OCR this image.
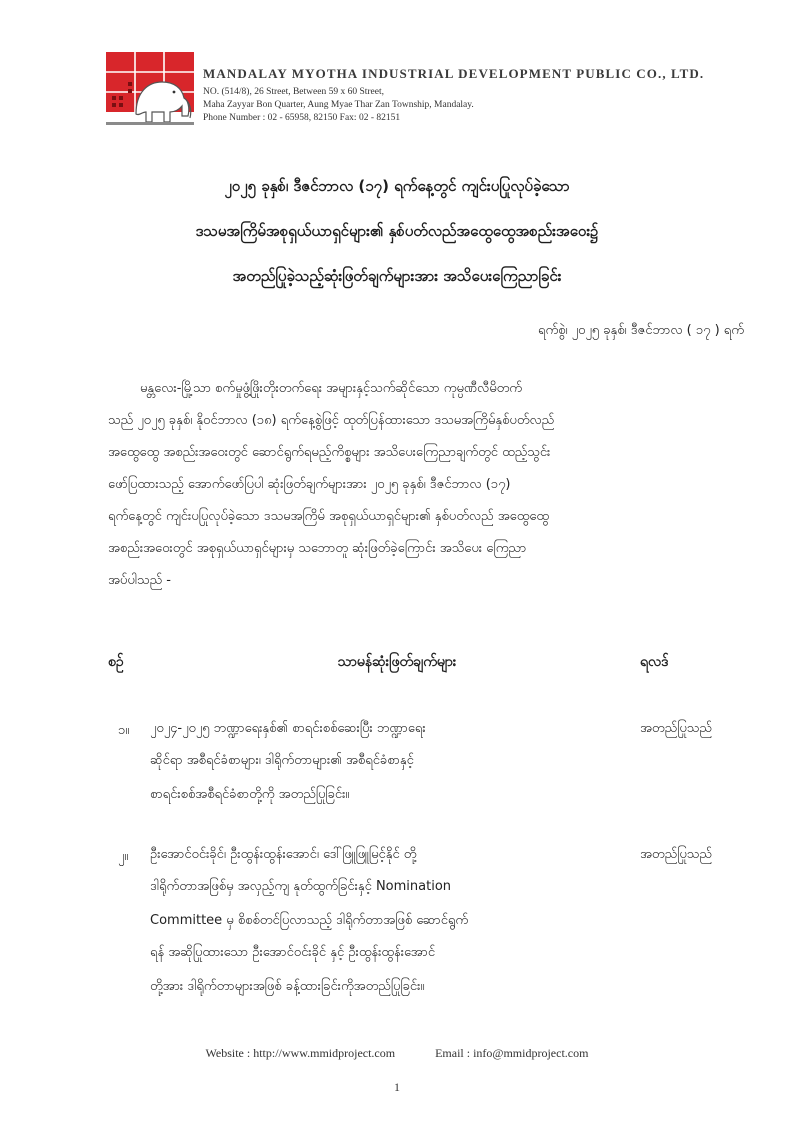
MANDALAY MYOTHA INDUSTRIAL DEVELOPMENT PUBLIC CO., LTD.
NO. (514/8), 26 Street, Between 59 x 60 Street,
Maha Zayyar Bon Quarter, Aung Myae Thar Zan Township, Mandalay.
Phone Number : 02 - 65958, 82150 Fax: 02 - 82151
၂၀၂၅ ခုနှစ်၊ ဒီဇင်ဘာလ (၁၇) ရက်နေ့တွင် ကျင်းပပြုလုပ်ခဲ့သော
ဒသမအကြိမ်အစုရှယ်ယာရှင်များ၏ နှစ်ပတ်လည်အထွေထွေအစည်းအဝေး၌
အတည်ပြုခဲ့သည့်ဆုံးဖြတ်ချက်များအား အသိပေးကြေညာခြင်း
ရက်စွဲ၊ ၂၀၂၅ ခုနှစ်၊ ဒီဇင်ဘာလ ( ၁၇ ) ရက်
မန္တလေး-မြို့သာ စက်မှုဖွံ့ဖြိုးတိုးတက်ရေး အများနှင့်သက်ဆိုင်သော ကုမ္ပဏီလီမိတက်
သည် ၂၀၂၅ ခုနှစ်၊ နိုဝင်ဘာလ (၁၈) ရက်နေ့စွဲဖြင့် ထုတ်ပြန်ထားသော ဒသမအကြိမ်နှစ်ပတ်လည်
အထွေထွေ အစည်းအဝေးတွင် ဆောင်ရွက်ရမည့်ကိစ္စများ အသိပေးကြေညာချက်တွင် ထည့်သွင်း
ဖော်ပြထားသည့် အောက်ဖော်ပြပါ ဆုံးဖြတ်ချက်များအား ၂၀၂၅ ခုနှစ်၊ ဒီဇင်ဘာလ (၁၇)
ရက်နေ့တွင် ကျင်းပပြုလုပ်ခဲ့သော ဒသမအကြိမ် အစုရှယ်ယာရှင်များ၏ နှစ်ပတ်လည် အထွေထွေ
အစည်းအဝေးတွင် အစုရှယ်ယာရှင်များမှ သဘောတူ ဆုံးဖြတ်ခဲ့ကြောင်း အသိပေး ကြေညာ
အပ်ပါသည် -
စဉ်	သာမန်ဆုံးဖြတ်ချက်များ	ရလဒ်
၁။ ၂၀၂၄-၂၀၂၅ ဘဏ္ဍာရေးနှစ်၏ စာရင်းစစ်ဆေးပြီး ဘဏ္ဍာရေး
ဆိုင်ရာ အစီရင်ခံစာများ၊ ဒါရိုက်တာများ၏ အစီရင်ခံစာနှင့်
စာရင်းစစ်အစီရင်ခံစာတို့ကို အတည်ပြုခြင်း။
အတည်ပြုသည်
၂။ ဦးအောင်ဝင်းခိုင်၊ ဦးထွန်းထွန်းအောင်၊ ဒေါ်ဖြူဖြူမြင့်နိုင် တို့
ဒါရိုက်တာအဖြစ်မှ အလှည့်ကျ နုတ်ထွက်ခြင်းနှင့် Nomination
Committee မှ စိစစ်တင်ပြလာသည့် ဒါရိုက်တာအဖြစ် ဆောင်ရွက်
ရန် အဆိုပြုထားသော ဦးအောင်ဝင်းခိုင် နှင့် ဦးထွန်းထွန်းအောင်
တို့အား ဒါရိုက်တာများအဖြစ် ခန့်ထားခြင်းကိုအတည်ပြုခြင်း။
အတည်ပြုသည်
Website : http://www.mmidproject.com	Email : info@mmidproject.com
1
